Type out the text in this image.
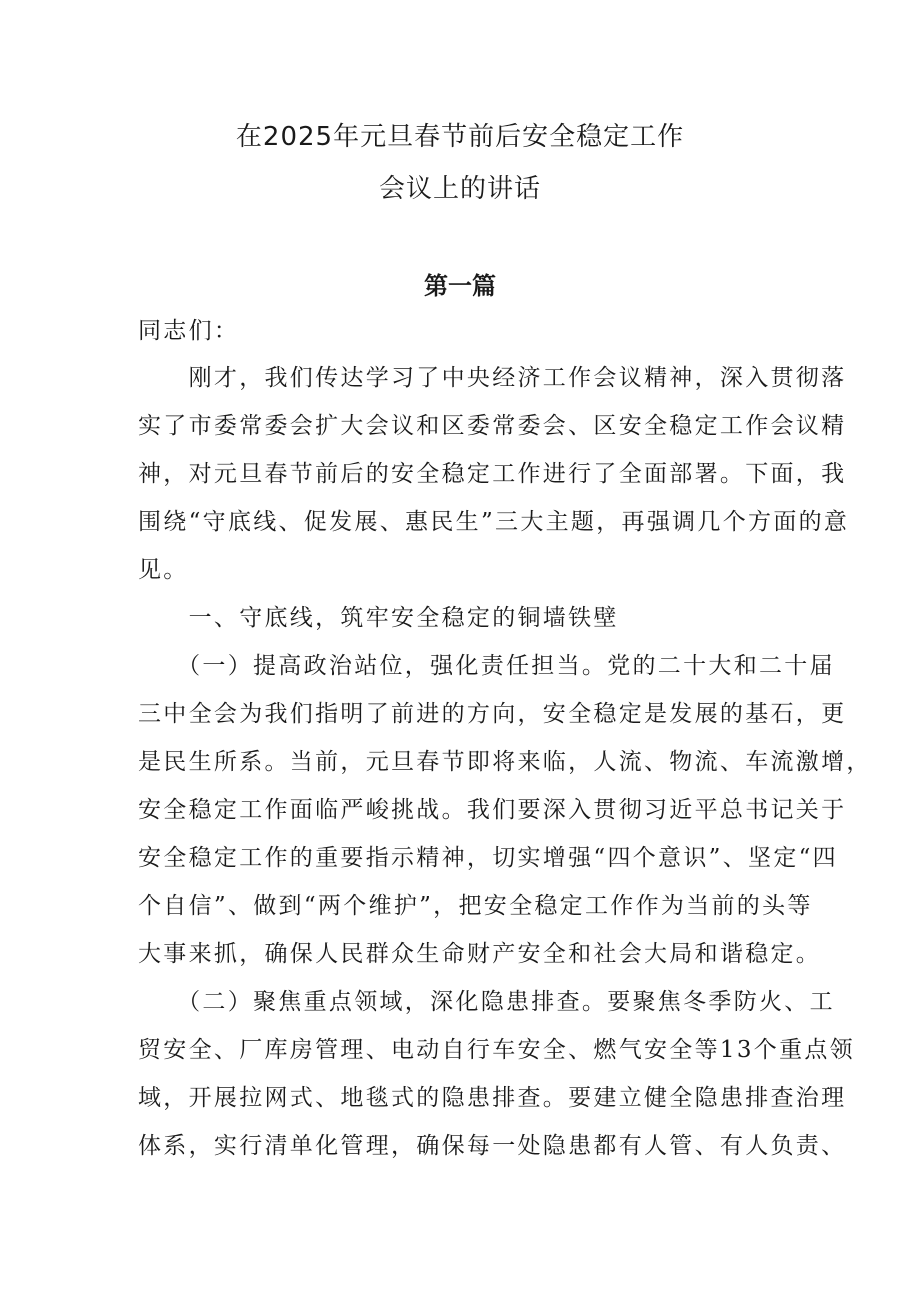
在2025年元旦春节前后安全稳定工作
会议上的讲话
第一篇
同志们：
　　刚才，我们传达学习了中央经济工作会议精神，深入贯彻落
实了市委常委会扩大会议和区委常委会、区安全稳定工作会议精
神，对元旦春节前后的安全稳定工作进行了全面部署。下面，我
围绕“守底线、促发展、惠民生”三大主题，再强调几个方面的意
见。
　　一、守底线，筑牢安全稳定的铜墙铁壁
　　（一）提高政治站位，强化责任担当。党的二十大和二十届
三中全会为我们指明了前进的方向，安全稳定是发展的基石，更
是民生所系。当前，元旦春节即将来临，人流、物流、车流激增，
安全稳定工作面临严峻挑战。我们要深入贯彻习近平总书记关于
安全稳定工作的重要指示精神，切实增强“四个意识”、坚定“四
个自信”、做到“两个维护”，把安全稳定工作作为当前的头等
大事来抓，确保人民群众生命财产安全和社会大局和谐稳定。
　　（二）聚焦重点领域，深化隐患排查。要聚焦冬季防火、工
贸安全、厂库房管理、电动自行车安全、燃气安全等13个重点领
域，开展拉网式、地毯式的隐患排查。要建立健全隐患排查治理
体系，实行清单化管理，确保每一处隐患都有人管、有人负责、
